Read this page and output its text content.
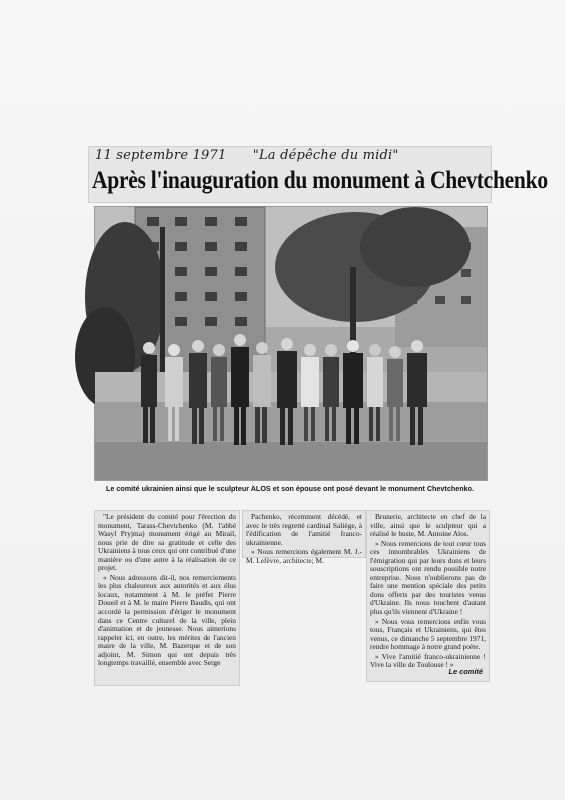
11 septembre 1971 "La dépêche du midi"
Après l'inauguration du monument à Chevtchenko
Le comité ukrainien ainsi que le sculpteur ALOS et son épouse ont posé devant le monument Chevtchenko.

"Le président du comité pour l'érection du monument, Tarass-Chevtchenko (M. l'abbé Wasyl Pryjma) monument érigé au Mirail, nous prie de dire sa gratitude et celle des Ukrainiens à tous ceux qui ont contribué d'une manière ou d'une autre à la réalisation de ce projet.

« Nous adressons dit-il, nos remerciements les plus chaleureux aux autorités et aux élus locaux, notamment à M. le préfet Pierre Doueil et à M. le maire Pierre Baudis, qui ont accordé la permission d'ériger le monument dans ce Centre culturel de la ville, plein d'animation et de jeunesse. Nous aimerions rappeler ici, en outre, les mérites de l'ancien maire de la ville, M. Bazerque et de son adjoint, M. Simon qui ont depuis très longtemps travaillé, ensemble avec Serge

Pachenko, récemment décédé, et avec le très regretté cardinal Saliège, à l'édification de l'amitié franco-ukrainienne.

» Nous remercions également M. J.-M. Lefèvre, architecte; M.

Brunerie, architecte en chef de la ville, ainsi que le sculpteur qui a réalisé le buste, M. Antoine Alos.

» Nous remercions de tout cœur tous ces innombrables Ukrainiens de l'émigration qui par leurs dons et leurs souscriptions ont rendu possible notre entreprise. Nous n'oublierons pas de faire une mention spéciale des petits dons offerts par des touristes venus d'Ukraine. Ils nous touchent d'autant plus qu'ils viennent d'Ukraine !

» Nous vous remercions enfin vous tous, Français et Ukrainiens, qui êtes venus, ce dimanche 5 septembre 1971, rendre hommage à notre grand poète.

» Vive l'amitié franco-ukrainienne ! Vive la ville de Toulouse ! »

Le comité
